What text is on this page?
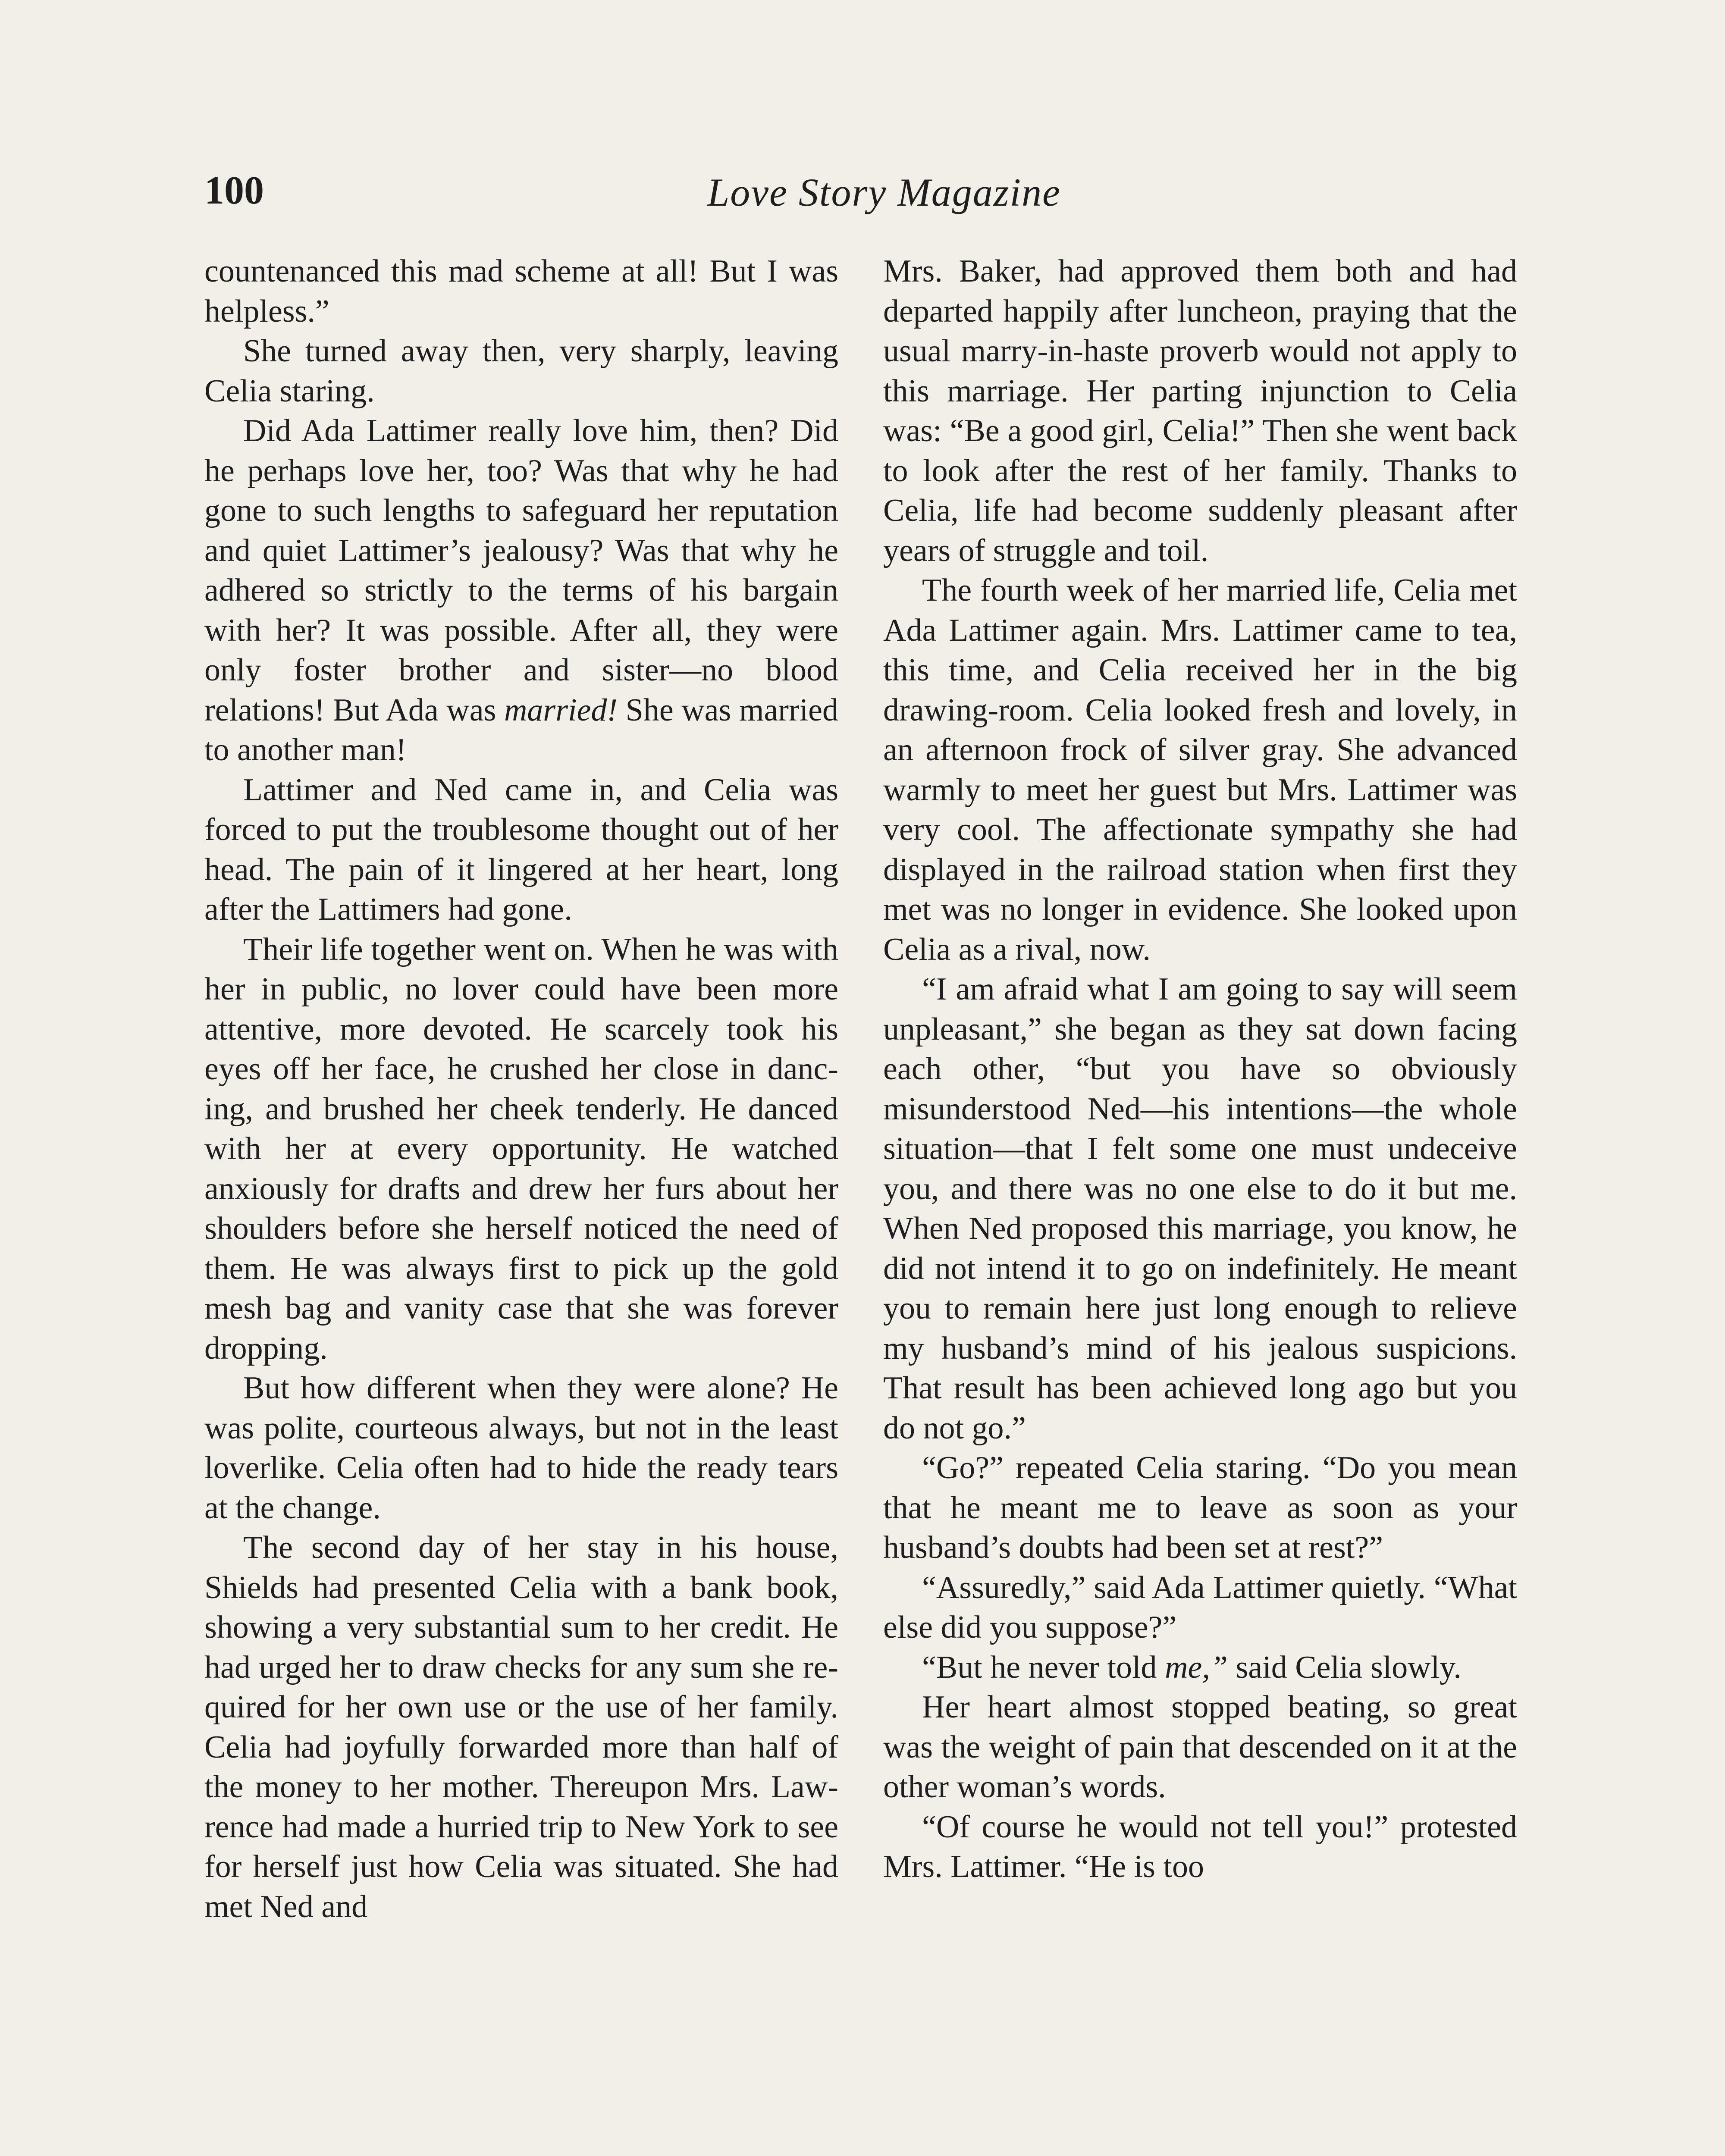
100	Love Story Magazine

countenanced this mad scheme at all! But I was helpless.”

She turned away then, very sharply, leaving Celia staring.

Did Ada Lattimer really love him, then? Did he perhaps love her, too? Was that why he had gone to such lengths to safeguard her reputation and quiet Lattimer’s jealousy? Was that why he adhered so strictly to the terms of his bargain with her? It was possible. After all, they were only foster brother and sister—no blood relations! But Ada was married! She was married to another man!

Lattimer and Ned came in, and Celia was forced to put the troublesome thought out of her head. The pain of it lingered at her heart, long after the Lattimers had gone.

Their life together went on. When he was with her in public, no lover could have been more attentive, more devoted. He scarcely took his eyes off her face, he crushed her close in dancing, and brushed her cheek tenderly. He danced with her at every opportunity. He watched anxiously for drafts and drew her furs about her shoulders before she herself noticed the need of them. He was always first to pick up the gold mesh bag and vanity case that she was forever dropping.

But how different when they were alone? He was polite, courteous always, but not in the least loverlike. Celia often had to hide the ready tears at the change.

The second day of her stay in his house, Shields had presented Celia with a bank book, showing a very substantial sum to her credit. He had urged her to draw checks for any sum she required for her own use or the use of her family. Celia had joyfully forwarded more than half of the money to her mother. Thereupon Mrs. Lawrence had made a hurried trip to New York to see for herself just how Celia was situated. She had met Ned and

Mrs. Baker, had approved them both and had departed happily after luncheon, praying that the usual marry-in-haste proverb would not apply to this marriage. Her parting injunction to Celia was: “Be a good girl, Celia!” Then she went back to look after the rest of her family. Thanks to Celia, life had become suddenly pleasant after years of struggle and toil.

The fourth week of her married life, Celia met Ada Lattimer again. Mrs. Lattimer came to tea, this time, and Celia received her in the big drawing-room. Celia looked fresh and lovely, in an afternoon frock of silver gray. She advanced warmly to meet her guest but Mrs. Lattimer was very cool. The affectionate sympathy she had displayed in the railroad station when first they met was no longer in evidence. She looked upon Celia as a rival, now.

“I am afraid what I am going to say will seem unpleasant,” she began as they sat down facing each other, “but you have so obviously misunderstood Ned—his intentions—the whole situation—that I felt some one must undeceive you, and there was no one else to do it but me. When Ned proposed this marriage, you know, he did not intend it to go on indefinitely. He meant you to remain here just long enough to relieve my husband’s mind of his jealous suspicions. That result has been achieved long ago but you do not go.”

“Go?” repeated Celia staring. “Do you mean that he meant me to leave as soon as your husband’s doubts had been set at rest?”

“Assuredly,” said Ada Lattimer quietly. “What else did you suppose?”

“But he never told me,” said Celia slowly.

Her heart almost stopped beating, so great was the weight of pain that descended on it at the other woman’s words.

“Of course he would not tell you!” protested Mrs. Lattimer. “He is too
